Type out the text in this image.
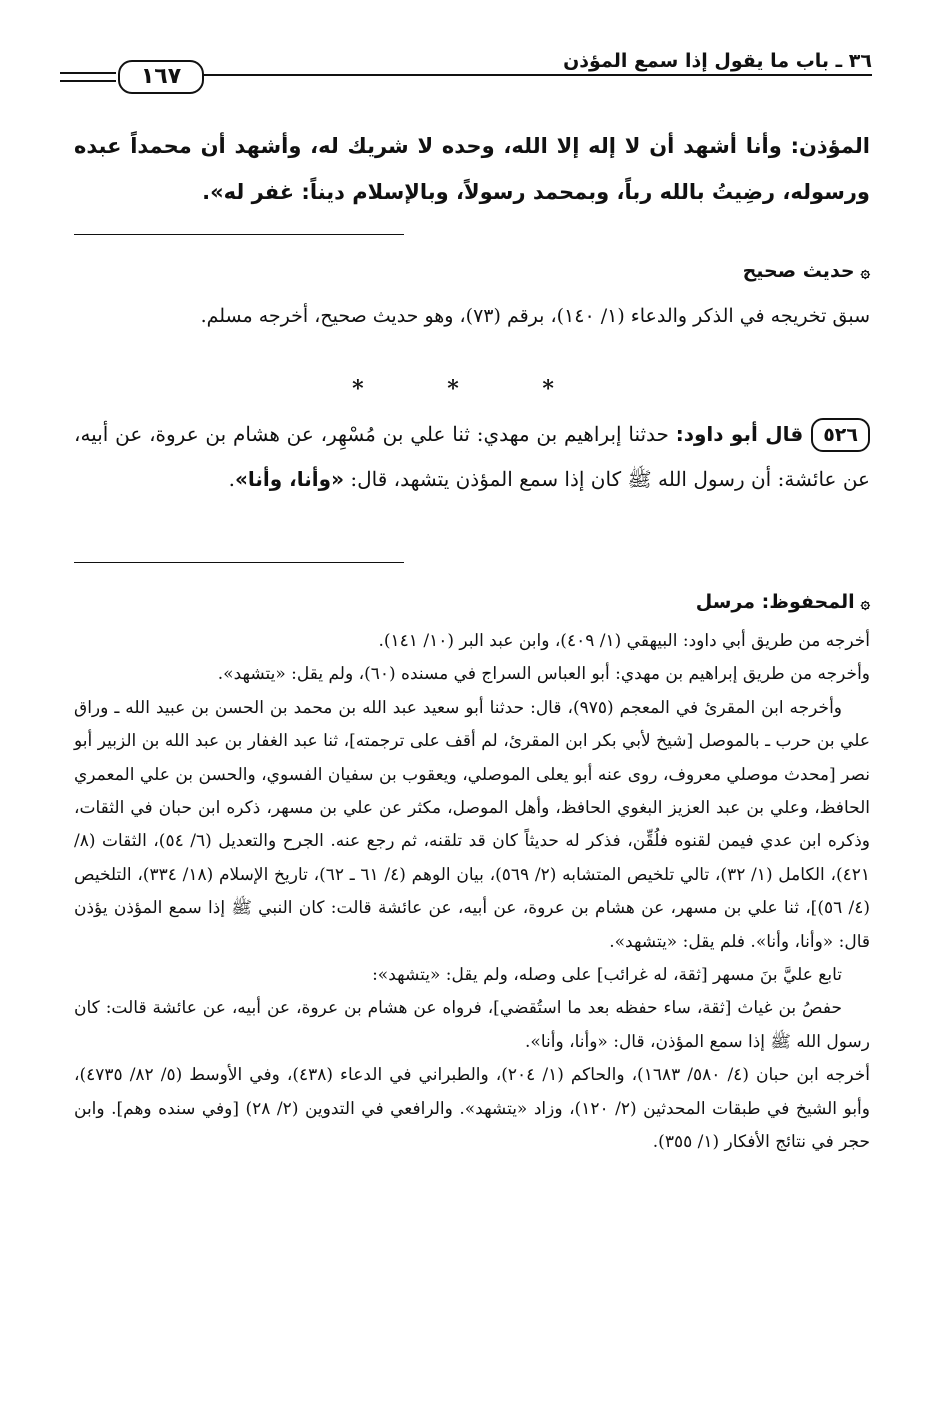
٣٦ ـ باب ما يقول إذا سمع المؤذن
١٦٧
المؤذن: وأنا أشهد أن لا إله إلا الله، وحده لا شريك له، وأشهد أن محمداً عبده ورسوله، رضِيتُ بالله رباً، وبمحمد رسولاً، وبالإسلام ديناً: غفر له».
۞حديث صحيح
سبق تخريجه في الذكر والدعاء (١/ ١٤٠)، برقم (٧٣)، وهو حديث صحيح، أخرجه مسلم.
* * *
٥٢٦قال أبو داود: حدثنا إبراهيم بن مهدي: ثنا علي بن مُسْهِر، عن هشام بن عروة، عن أبيه، عن عائشة: أن رسول الله ﷺ كان إذا سمع المؤذن يتشهد، قال: «وأنا، وأنا».
۞المحفوظ: مرسل

أخرجه من طريق أبي داود: البيهقي (١/ ٤٠٩)، وابن عبد البر (١٠/ ١٤١).

وأخرجه من طريق إبراهيم بن مهدي: أبو العباس السراج في مسنده (٦٠)، ولم يقل: «يتشهد».

وأخرجه ابن المقرئ في المعجم (٩٧٥)، قال: حدثنا أبو سعيد عبد الله بن محمد بن الحسن بن عبيد الله ـ وراق علي بن حرب ـ بالموصل [شيخ لأبي بكر ابن المقرئ، لم أقف على ترجمته]، ثنا عبد الغفار بن عبد الله بن الزبير أبو نصر [محدث موصلي معروف، روى عنه أبو يعلى الموصلي، ويعقوب بن سفيان الفسوي، والحسن بن علي المعمري الحافظ، وعلي بن عبد العزيز البغوي الحافظ، وأهل الموصل، مكثر عن علي بن مسهر، ذكره ابن حبان في الثقات، وذكره ابن عدي فيمن لقنوه فلُقِّن، فذكر له حديثاً كان قد تلقنه، ثم رجع عنه. الجرح والتعديل (٦/ ٥٤)، الثقات (٨/ ٤٢١)، الكامل (١/ ٣٢)، تالي تلخيص المتشابه (٢/ ٥٦٩)، بيان الوهم (٤/ ٦١ ـ ٦٢)، تاريخ الإسلام (١٨/ ٣٣٤)، التلخيص (٤/ ٥٦)]، ثنا علي بن مسهر، عن هشام بن عروة، عن أبيه، عن عائشة قالت: كان النبي ﷺ إذا سمع المؤذن يؤذن قال: «وأنا، وأنا». فلم يقل: «يتشهد».

تابع عليَّ بنَ مسهر [ثقة، له غرائب] على وصله، ولم يقل: «يتشهد»:

حفصُ بن غياث [ثقة، ساء حفظه بعد ما استُقضي]، فرواه عن هشام بن عروة، عن أبيه، عن عائشة قالت: كان رسول الله ﷺ إذا سمع المؤذن، قال: «وأنا، وأنا».

أخرجه ابن حبان (٤/ ٥٨٠/ ١٦٨٣)، والحاكم (١/ ٢٠٤)، والطبراني في الدعاء (٤٣٨)، وفي الأوسط (٥/ ٨٢/ ٤٧٣٥)، وأبو الشيخ في طبقات المحدثين (٢/ ١٢٠)، وزاد «يتشهد». والرافعي في التدوين (٢/ ٢٨) [وفي سنده وهم]. وابن حجر في نتائج الأفكار (١/ ٣٥٥).
